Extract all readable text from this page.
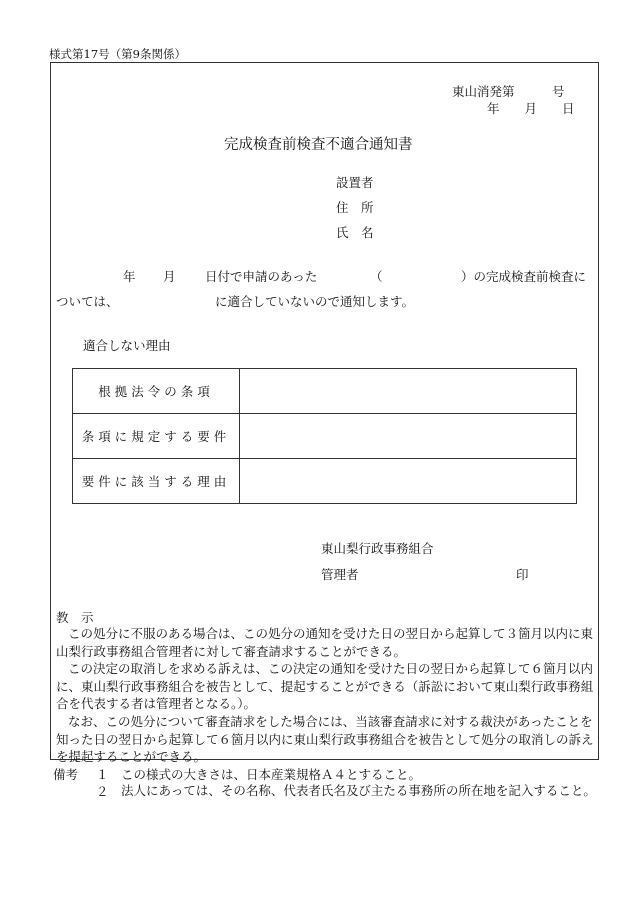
様式第17号（第9条関係）
東山消発第　　　号
年　　月　　日
完成検査前検査不適合通知書
設置者
住　所
氏　名
年 月 日付で申請のあった	（	）の完成検査前検査に
ついては、	に適合していないので通知します。
適合しない理由
根拠法令の条項	
条項に規定する要件	
要件に該当する理由	
東山梨行政事務組合
管理者	印
教　示

この処分に不服のある場合は、この処分の通知を受けた日の翌日から起算して３箇月以内に東山梨行政事務組合管理者に対して審査請求することができる。

この決定の取消しを求める訴えは、この決定の通知を受けた日の翌日から起算して６箇月以内に、東山梨行政事務組合を被告として、提起することができる（訴訟において東山梨行政事務組合を代表する者は管理者となる。）。

なお、この処分について審査請求をした場合には、当該審査請求に対する裁決があったことを知った日の翌日から起算して６箇月以内に東山梨行政事務組合を被告として処分の取消しの訴えを提起することができる。

備考 １ この様式の大きさは、日本産業規格Ａ４とすること。
２ 法人にあっては、その名称、代表者氏名及び主たる事務所の所在地を記入すること。
